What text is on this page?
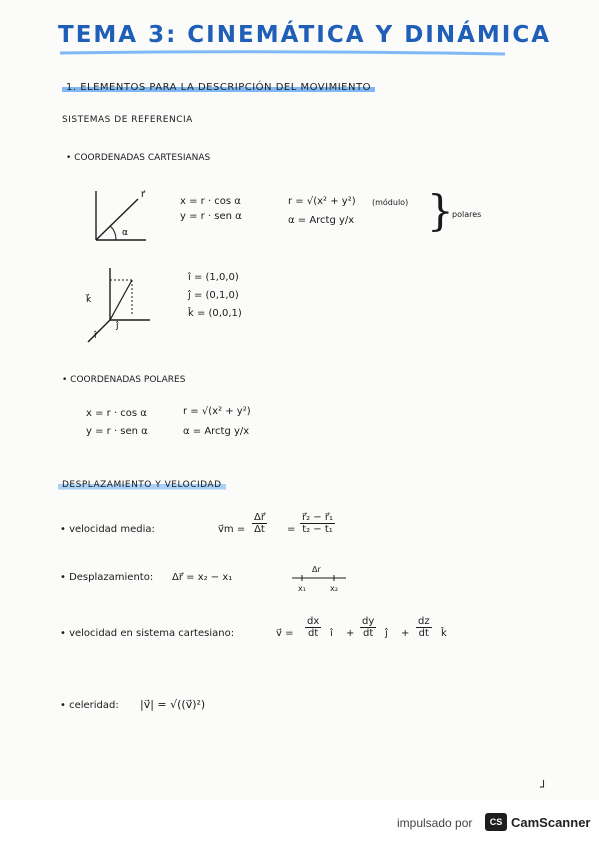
TEMA 3: CINEMÁTICA Y DINÁMICA
1. ELEMENTOS PARA LA DESCRIPCIÓN DEL MOVIMIENTO
SISTEMAS DE REFERENCIA
• COORDENADAS CARTESIANAS
α
r⃗
x = r · cos α
y = r · sen α
r = √(x² + y²) (módulo)
α = Arctg y/x }
polares
k⃗
ĵ
î
î = (1,0,0)
ĵ = (0,1,0)
k̂ = (0,0,1)
• COORDENADAS POLARES
x = r · cos α
y = r · sen α
r = √(x² + y²)
α = Arctg y/x
DESPLAZAMIENTO Y VELOCIDAD
• velocidad media:	v⃗m = $\frac{\Delta r⃗}{\Delta t} = \frac{\text{r⃗₂ − r⃗₁}}{\text{t₂ − t₁}}$
• Desplazamiento: Δr⃗ = x₂ − x₁
Δr
x₁	x₂
• velocidad en sistema cartesiano:	v⃗ = $\frac{dx}{dt}$ î + $\frac{dy}{dt}$ ĵ + $\frac{dz}{dt}$ k̂
• celeridad: |v⃗| = √((v⃗)²)
┘
impulsado por	CS CamScanner
